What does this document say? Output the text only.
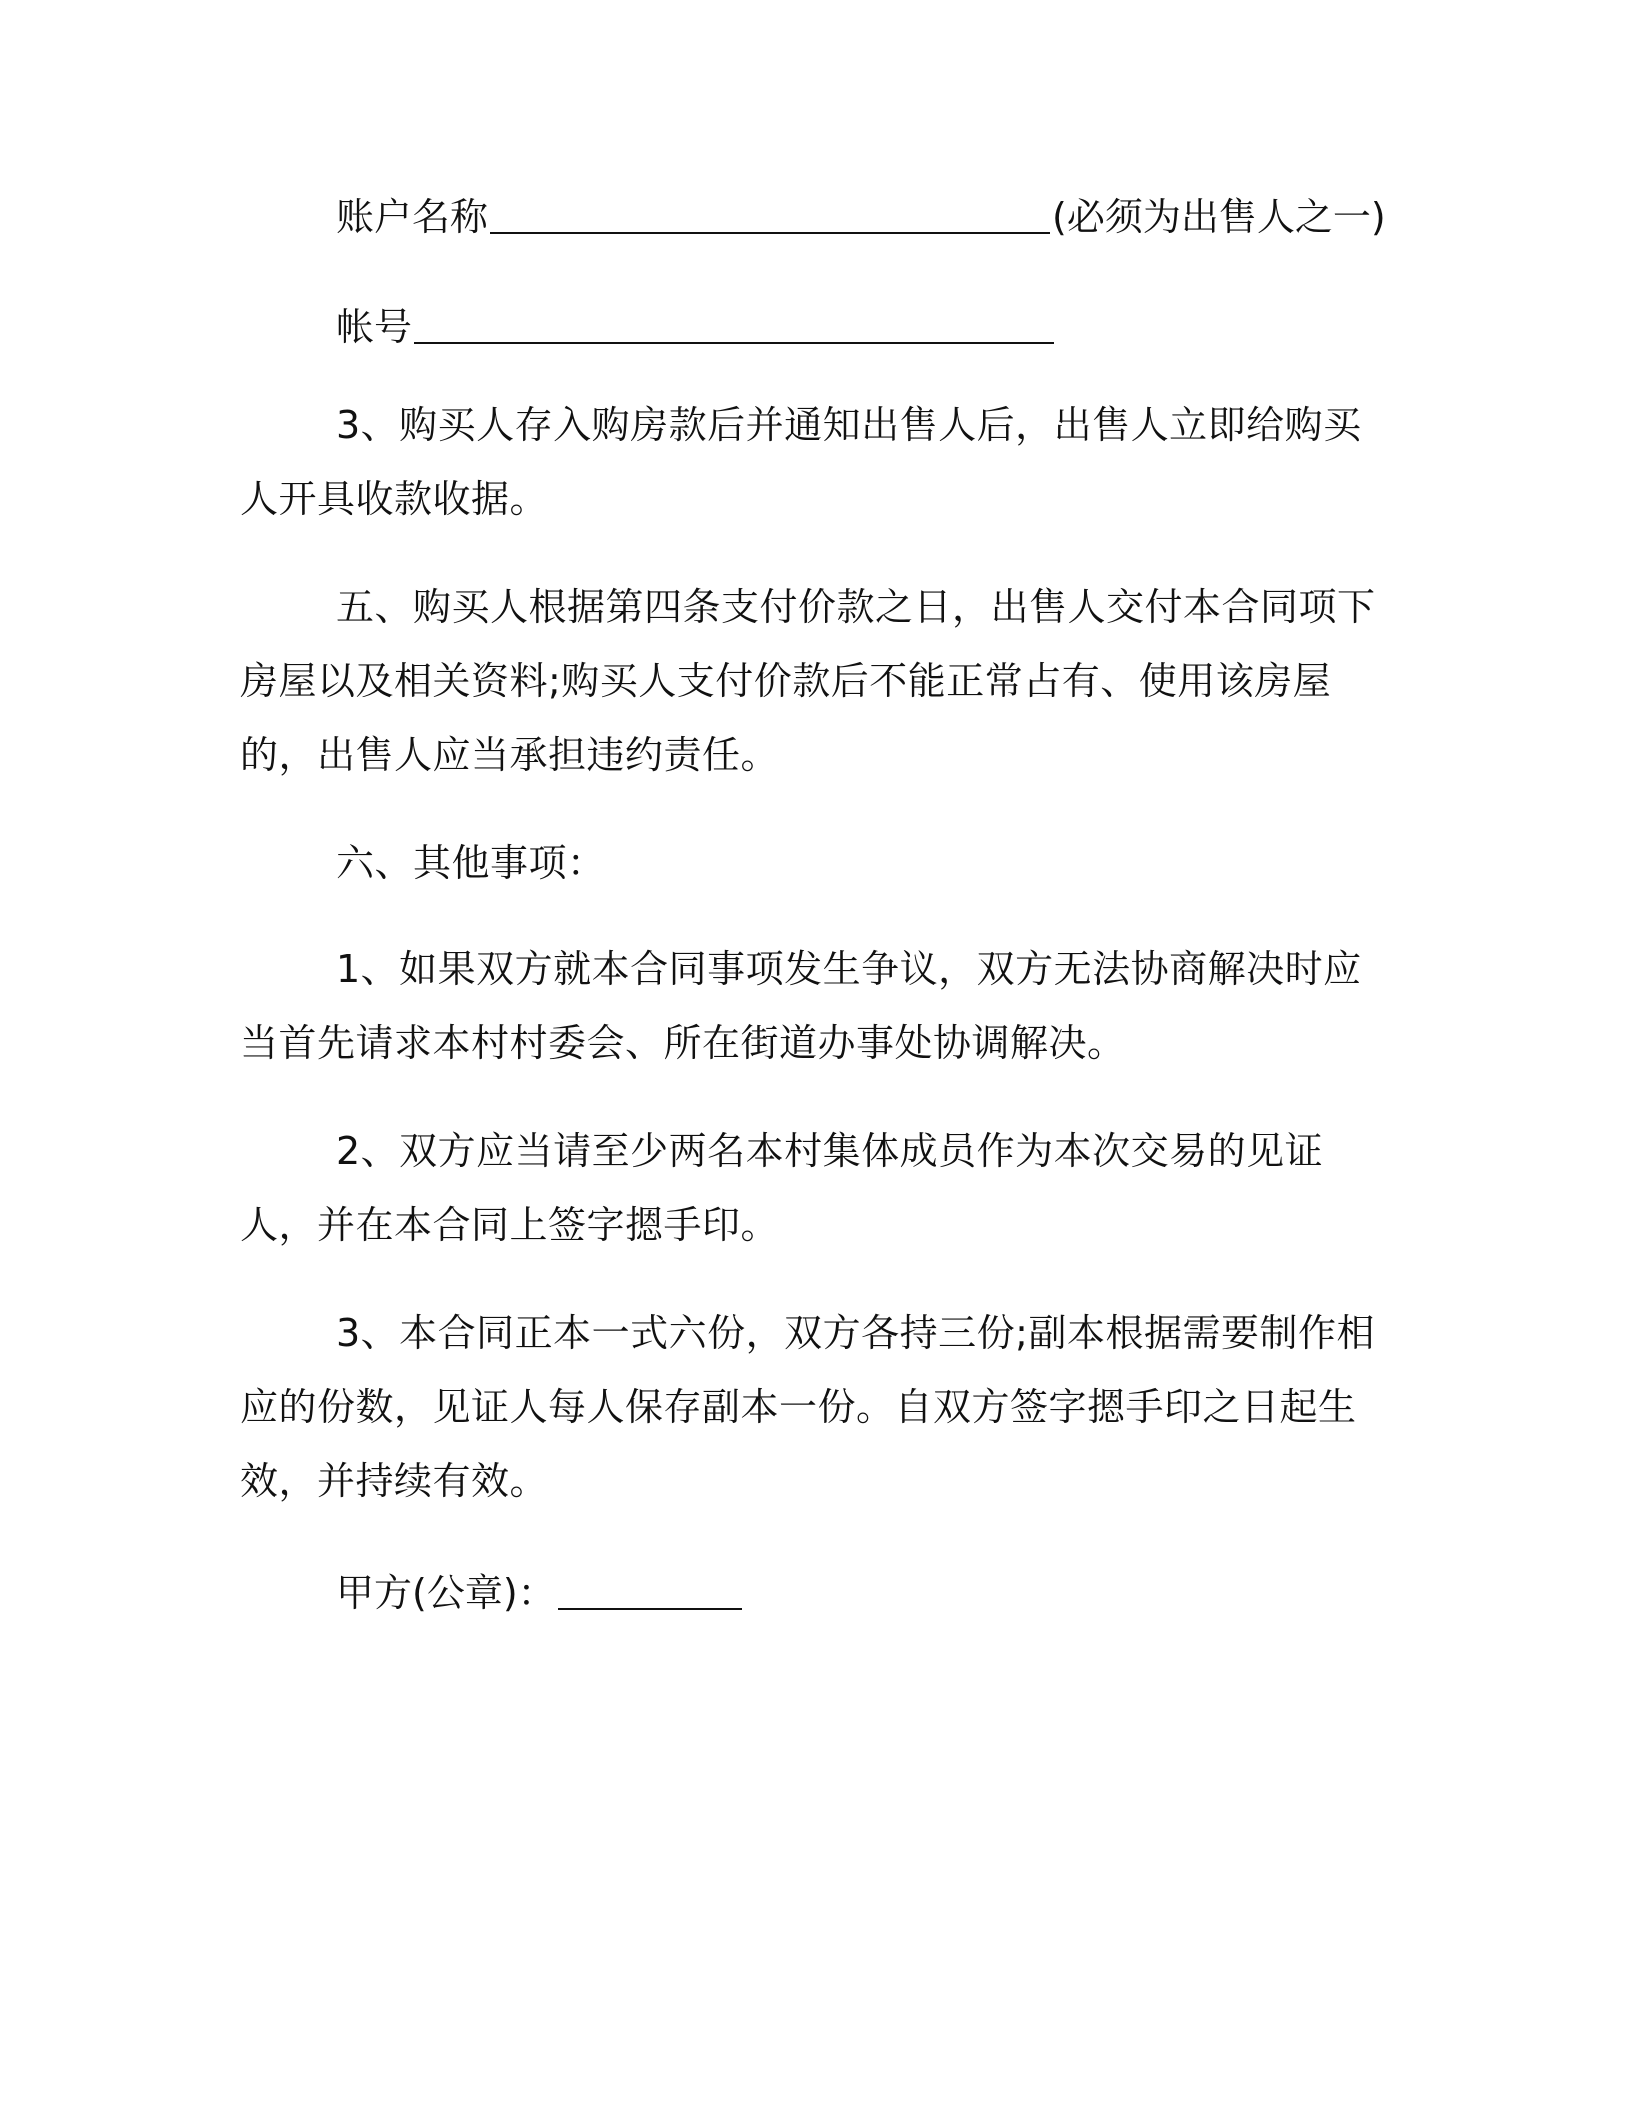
账户名称	(必须为出售人之一)
帐号
3、购买人存入购房款后并通知出售人后，出售人立即给购买人开具收款收据。
五、购买人根据第四条支付价款之日，出售人交付本合同项下房屋以及相关资料;购买人支付价款后不能正常占有、使用该房屋的，出售人应当承担违约责任。
六、其他事项：
1、如果双方就本合同事项发生争议，双方无法协商解决时应当首先请求本村村委会、所在街道办事处协调解决。
2、双方应当请至少两名本村集体成员作为本次交易的见证人，并在本合同上签字摁手印。
3、本合同正本一式六份，双方各持三份;副本根据需要制作相应的份数，见证人每人保存副本一份。自双方签字摁手印之日起生效，并持续有效。
甲方(公章)：
